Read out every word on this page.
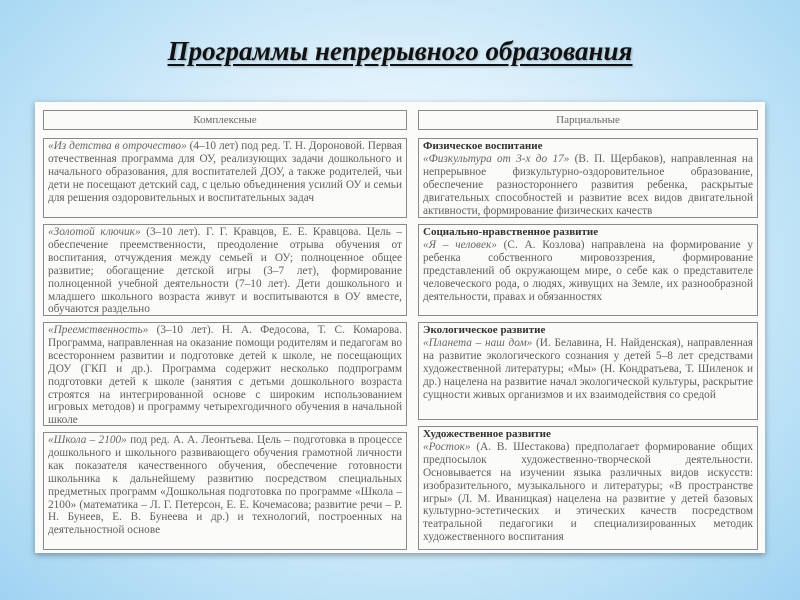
Программы непрерывного образования
Комплексные
«Из детства в отрочество» (4–10 лет) под ред. Т. Н. Дороновой. Первая отечественная программа для ОУ, реализующих задачи дошкольного и начального образования, для воспитателей ДОУ, а также родителей, чьи дети не посещают детский сад, с целью объединения усилий ОУ и семьи для решения оздоровительных и воспитательных задач
«Золотой ключик» (3–10 лет). Г. Г. Кравцов, Е. Е. Кравцова. Цель – обеспечение преемственности, преодоление отрыва обучения от воспитания, отчуждения между семьей и ОУ; полноценное общее развитие; обогащение детской игры (3–7 лет), формирование полноценной учебной деятельности (7–10 лет). Дети дошкольного и младшего школьного возраста живут и воспитываются в ОУ вместе, обучаются раздельно
«Преемственность» (3–10 лет). Н. А. Федосова, Т. С. Комарова. Программа, направленная на оказание помощи родителям и педагогам во всестороннем развитии и подготовке детей к школе, не посещающих ДОУ (ГКП и др.). Программа содержит несколько подпрограмм подготовки детей к школе (занятия с детьми дошкольного возраста строятся на интегрированной основе с широким использованием игровых методов) и программу четырехгодичного обучения в начальной школе
«Школа – 2100» под ред. А. А. Леонтьева. Цель – подготовка в процессе дошкольного и школьного развивающего обучения грамотной личности как показателя качественного обучения, обеспечение готовности школьника к дальнейшему развитию посредством специальных предметных программ «Дошкольная подготовка по программе «Школа – 2100» (математика – Л. Г. Петерсон, Е. Е. Кочемасова; развитие речи – Р. Н. Бунеев, Е. В. Бунеева и др.) и технологий, построенных на деятельностной основе
Парциальные
Физическое воспитание
«Физкультура от 3-х до 17» (В. П. Щербаков), направленная на непрерывное физкультурно-оздоровительное образование, обеспечение разностороннего развития ребенка, раскрытые двигательных способностей и развитие всех видов двигательной активности, формирование физических качеств
Социально-нравственное развитие
«Я – человек» (С. А. Козлова) направлена на формирование у ребенка собственного мировоззрения, формирование представлений об окружающем мире, о себе как о представителе человеческого рода, о людях, живущих на Земле, их разнообразной деятельности, правах и обязанностях
Экологическое развитие
«Планета – наш дом» (И. Белавина, Н. Найденская), направленная на развитие экологического сознания у детей 5–8 лет средствами художественной литературы; «Мы» (Н. Кондратьева, Т. Шиленок и др.) нацелена на развитие начал экологической культуры, раскрытие сущности живых организмов и их взаимодействия со средой
Художественное развитие
«Росток» (А. В. Шестакова) предполагает формирование общих предпосылок художественно-творческой деятельности. Основывается на изучении языка различных видов искусств: изобразительного, музыкального и литературы; «В пространстве игры» (Л. М. Иваницкая) нацелена на развитие у детей базовых культурно-эстетических и этических качеств посредством театральной педагогики и специализированных методик художественного воспитания
